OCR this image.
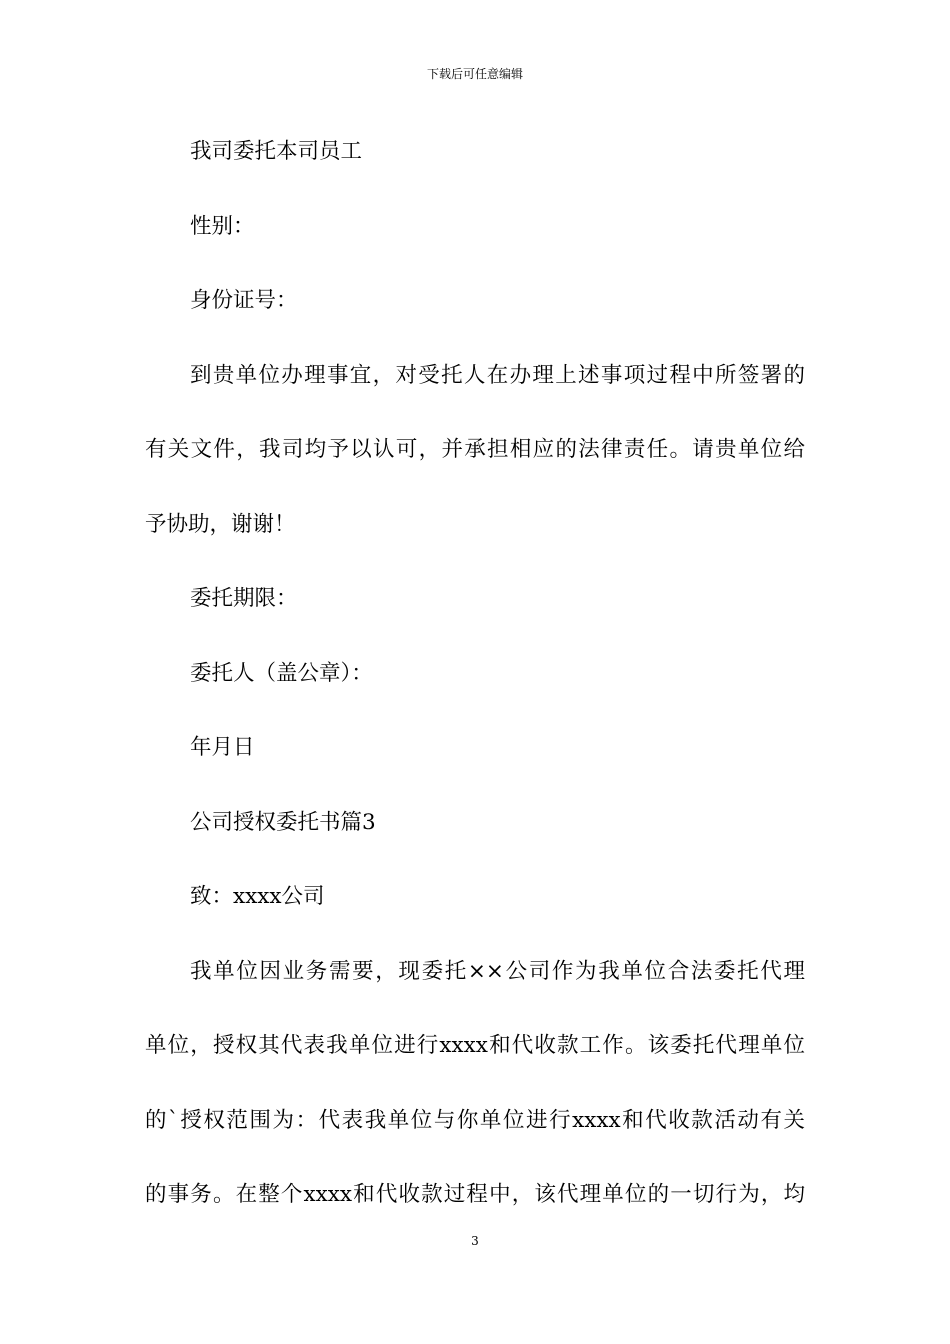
下载后可任意编辑
我司委托本司员工
性别：
身份证号：
到贵单位办理事宜，对受托人在办理上述事项过程中所签署的
有关文件，我司均予以认可，并承担相应的法律责任。请贵单位给
予协助，谢谢！
委托期限：
委托人（盖公章）：
年月日
公司授权委托书篇3
致：xxxx公司
我单位因业务需要，现委托××公司作为我单位合法委托代理
单位，授权其代表我单位进行xxxx和代收款工作。该委托代理单位
的`授权范围为：代表我单位与你单位进行xxxx和代收款活动有关
的事务。在整个xxxx和代收款过程中，该代理单位的一切行为，均
3
